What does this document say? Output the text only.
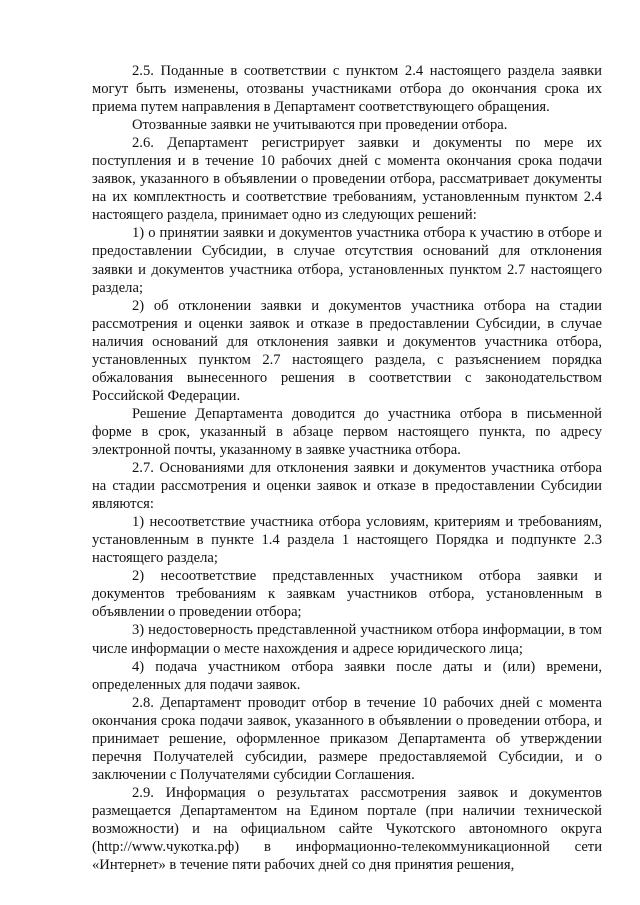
2.5. Поданные в соответствии с пунктом 2.4 настоящего раздела заявки могут быть изменены, отозваны участниками отбора до окончания срока их приема путем направления в Департамент соответствующего обращения.

Отозванные заявки не учитываются при проведении отбора.

2.6. Департамент регистрирует заявки и документы по мере их поступления и в течение 10 рабочих дней с момента окончания срока подачи заявок, указанного в объявлении о проведении отбора, рассматривает документы на их комплектность и соответствие требованиям, установленным пунктом 2.4 настоящего раздела, принимает одно из следующих решений:

1) о принятии заявки и документов участника отбора к участию в отборе и предоставлении Субсидии, в случае отсутствия оснований для отклонения заявки и документов участника отбора, установленных пунктом 2.7 настоящего раздела;

2) об отклонении заявки и документов участника отбора на стадии рассмотрения и оценки заявок и отказе в предоставлении Субсидии, в случае наличия оснований для отклонения заявки и документов участника отбора, установленных пунктом 2.7 настоящего раздела, с разъяснением порядка обжалования вынесенного решения в соответствии с законодательством Российской Федерации.

Решение Департамента доводится до участника отбора в письменной форме в срок, указанный в абзаце первом настоящего пункта, по адресу электронной почты, указанному в заявке участника отбора.

2.7. Основаниями для отклонения заявки и документов участника отбора на стадии рассмотрения и оценки заявок и отказе в предоставлении Субсидии являются:

1) несоответствие участника отбора условиям, критериям и требованиям, установленным в пункте 1.4 раздела 1 настоящего Порядка и подпункте 2.3 настоящего раздела;

2) несоответствие представленных участником отбора заявки и документов требованиям к заявкам участников отбора, установленным в объявлении о проведении отбора;

3) недостоверность представленной участником отбора информации, в том числе информации о месте нахождения и адресе юридического лица;

4) подача участником отбора заявки после даты и (или) времени, определенных для подачи заявок.

2.8. Департамент проводит отбор в течение 10 рабочих дней с момента окончания срока подачи заявок, указанного в объявлении о проведении отбора, и принимает решение, оформленное приказом Департамента об утверждении перечня Получателей субсидии, размере предоставляемой Субсидии, и о заключении с Получателями субсидии Соглашения.

2.9. Информация о результатах рассмотрения заявок и документов размещается Департаментом на Едином портале (при наличии технической возможности) и на официальном сайте Чукотского автономного округа (http://www.чукотка.рф) в информационно-телекоммуникационной сети «Интернет» в течение пяти рабочих дней со дня принятия решения,
